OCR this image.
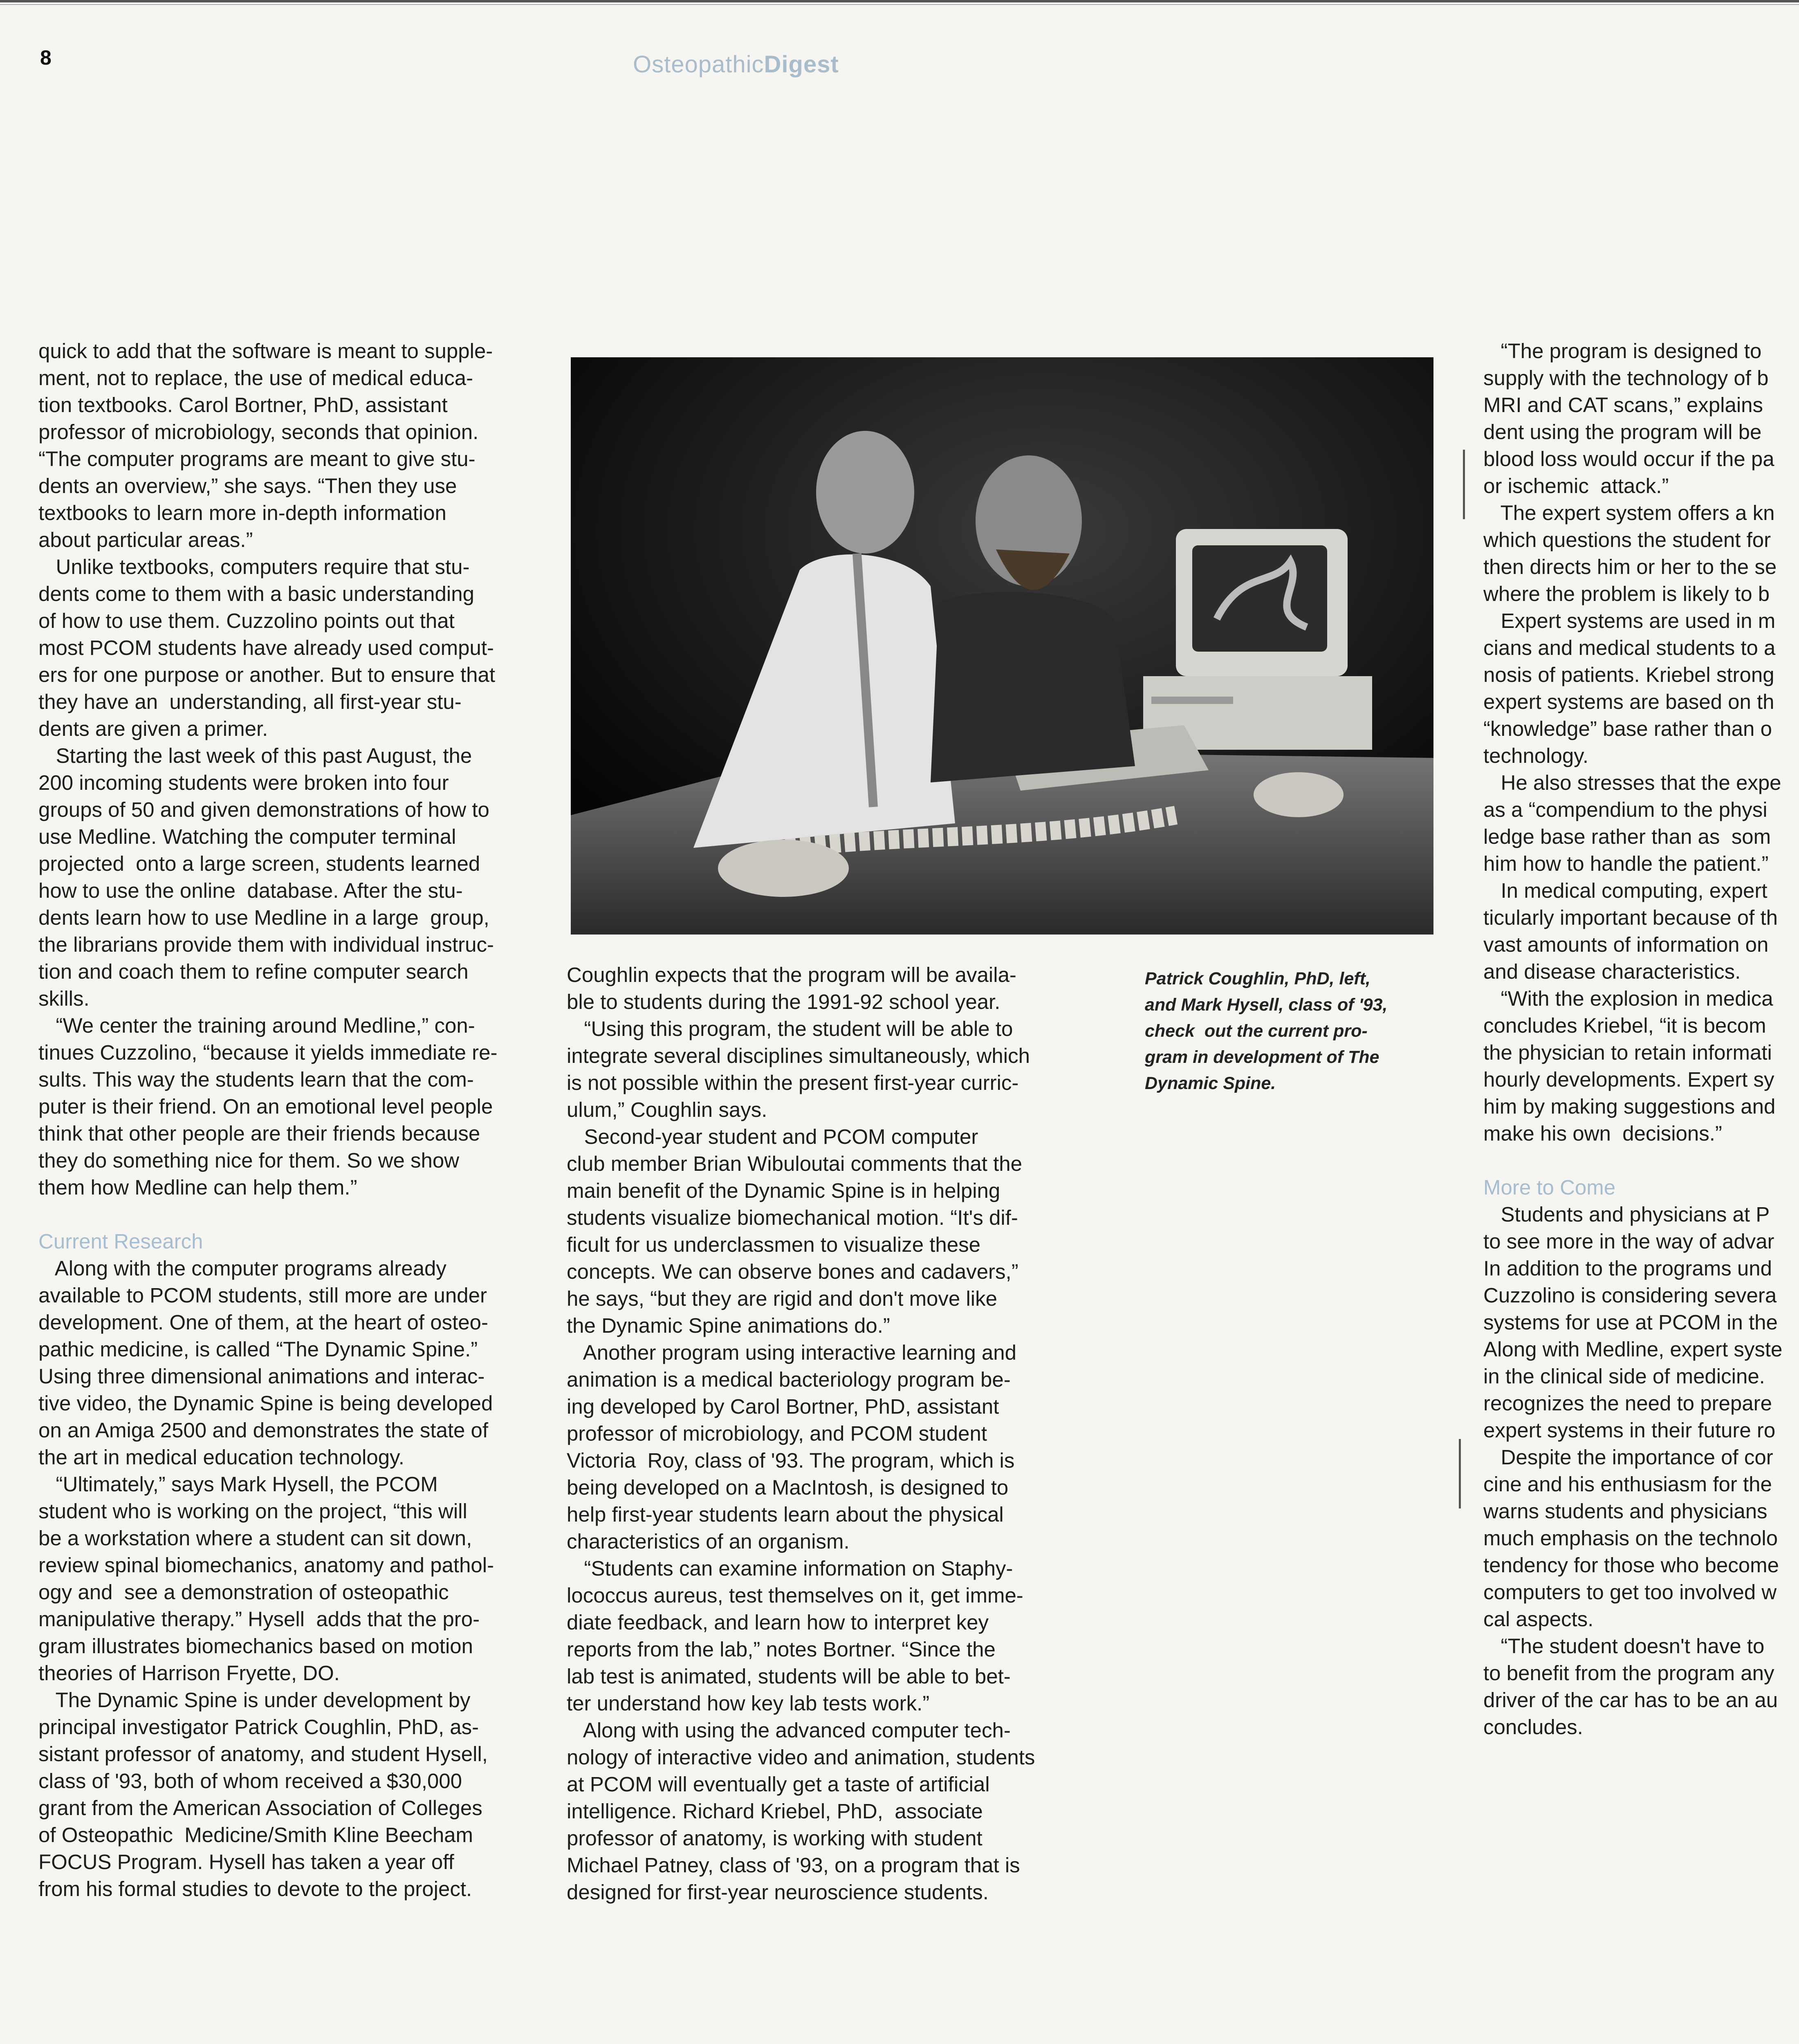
8	OsteopathicDigest

quick to add that the software is meant to supple-

ment, not to replace, the use of medical educa-

tion textbooks. Carol Bortner, PhD, assistant

professor of microbiology, seconds that opinion.

“The computer programs are meant to give stu-

dents an overview,” she says. “Then they use

textbooks to learn more in-depth information

about particular areas.”

Unlike textbooks, computers require that stu-

dents come to them with a basic understanding

of how to use them. Cuzzolino points out that

most PCOM students have already used comput-

ers for one purpose or another. But to ensure that

they have an  understanding, all first-year stu-

dents are given a primer.

Starting the last week of this past August, the

200 incoming students were broken into four

groups of 50 and given demonstrations of how to

use Medline. Watching the computer terminal

projected  onto a large screen, students learned

how to use the online  database. After the stu-

dents learn how to use Medline in a large  group,

the librarians provide them with individual instruc-

tion and coach them to refine computer search

skills.

“We center the training around Medline,” con-

tinues Cuzzolino, “because it yields immediate re-

sults. This way the students learn that the com-

puter is their friend. On an emotional level people

think that other people are their friends because

they do something nice for them. So we show

them how Medline can help them.”

Current Research

Along with the computer programs already

available to PCOM students, still more are under

development. One of them, at the heart of osteo-

pathic medicine, is called “The Dynamic Spine.”

Using three dimensional animations and interac-

tive video, the Dynamic Spine is being developed

on an Amiga 2500 and demonstrates the state of

the art in medical education technology.

“Ultimately,” says Mark Hysell, the PCOM

student who is working on the project, “this will

be a workstation where a student can sit down,

review spinal biomechanics, anatomy and pathol-

ogy and  see a demonstration of osteopathic

manipulative therapy.” Hysell  adds that the pro-

gram illustrates biomechanics based on motion

theories of Harrison Fryette, DO.

The Dynamic Spine is under development by

principal investigator Patrick Coughlin, PhD, as-

sistant professor of anatomy, and student Hysell,

class of '93, both of whom received a $30,000

grant from the American Association of Colleges

of Osteopathic  Medicine/Smith Kline Beecham

FOCUS Program. Hysell has taken a year off

from his formal studies to devote to the project.

Coughlin expects that the program will be availa-

ble to students during the 1991-92 school year.

“Using this program, the student will be able to

integrate several disciplines simultaneously, which

is not possible within the present first-year curric-

ulum,” Coughlin says.

Second-year student and PCOM computer

club member Brian Wibuloutai comments that the

main benefit of the Dynamic Spine is in helping

students visualize biomechanical motion. “It's dif-

ficult for us underclassmen to visualize these

concepts. We can observe bones and cadavers,”

he says, “but they are rigid and don't move like

the Dynamic Spine animations do.”

Another program using interactive learning and

animation is a medical bacteriology program be-

ing developed by Carol Bortner, PhD, assistant

professor of microbiology, and PCOM student

Victoria  Roy, class of '93. The program, which is

being developed on a MacIntosh, is designed to

help first-year students learn about the physical

characteristics of an organism.

“Students can examine information on Staphy-

lococcus aureus, test themselves on it, get imme-

diate feedback, and learn how to interpret key

reports from the lab,” notes Bortner. “Since the

lab test is animated, students will be able to bet-

ter understand how key lab tests work.”

Along with using the advanced computer tech-

nology of interactive video and animation, students

at PCOM will eventually get a taste of artificial

intelligence. Richard Kriebel, PhD,  associate

professor of anatomy, is working with student

Michael Patney, class of '93, on a program that is

designed for first-year neuroscience students.

Patrick Coughlin, PhD, left,
and Mark Hysell, class of '93,
check  out the current pro-
gram in development of The
Dynamic Spine.

“The program is designed to

supply with the technology of b

MRI and CAT scans,” explains

dent using the program will be

blood loss would occur if the pa

or ischemic  attack.”

The expert system offers a kn

which questions the student for

then directs him or her to the se

where the problem is likely to b

Expert systems are used in m

cians and medical students to a

nosis of patients. Kriebel strong

expert systems are based on th

“knowledge” base rather than o

technology.

He also stresses that the expe

as a “compendium to the physi

ledge base rather than as  som

him how to handle the patient.”

In medical computing, expert

ticularly important because of th

vast amounts of information on

and disease characteristics.

“With the explosion in medica

concludes Kriebel, “it is becom

the physician to retain informati

hourly developments. Expert sy

him by making suggestions and

make his own  decisions.”

More to Come

Students and physicians at P

to see more in the way of advar

In addition to the programs und

Cuzzolino is considering severa

systems for use at PCOM in the

Along with Medline, expert syste

in the clinical side of medicine.

recognizes the need to prepare

expert systems in their future ro

Despite the importance of cor

cine and his enthusiasm for the

warns students and physicians

much emphasis on the technolo

tendency for those who become

computers to get too involved w

cal aspects.

“The student doesn't have to

to benefit from the program any

driver of the car has to be an au

concludes.
